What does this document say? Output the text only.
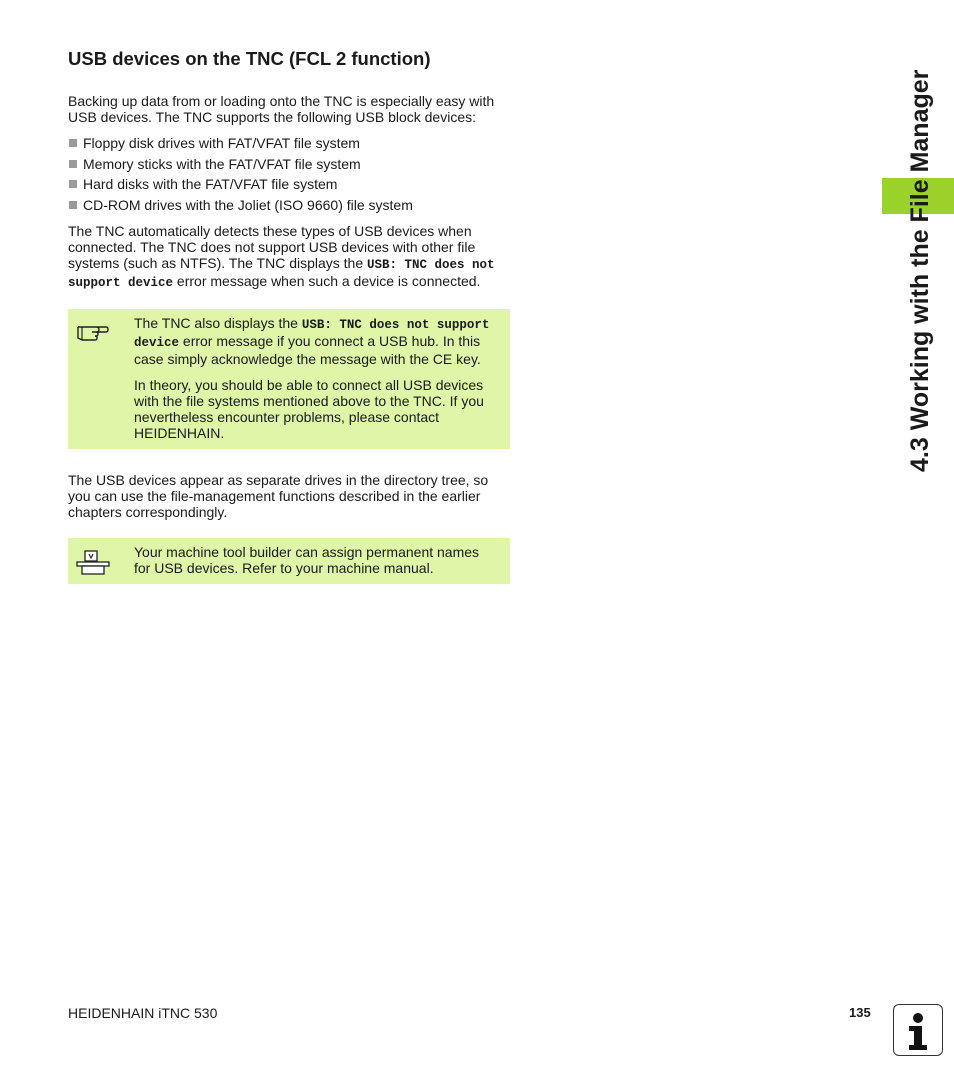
4.3 Working with the File Manager
USB devices on the TNC (FCL 2 function)

Backing up data from or loading onto the TNC is especially easy with USB devices. The TNC supports the following USB block devices:

Floppy disk drives with FAT/VFAT file system
Memory sticks with the FAT/VFAT file system
Hard disks with the FAT/VFAT file system
CD-ROM drives with the Joliet (ISO 9660) file system

The TNC automatically detects these types of USB devices when connected. The TNC does not support USB devices with other file systems (such as NTFS). The TNC displays the USB: TNC does not support device error message when such a device is connected.

The TNC also displays the USB: TNC does not support device error message if you connect a USB hub. In this case simply acknowledge the message with the CE key.

In theory, you should be able to connect all USB devices with the file systems mentioned above to the TNC. If you nevertheless encounter problems, please contact HEIDENHAIN.

The USB devices appear as separate drives in the directory tree, so you can use the file-management functions described in the earlier chapters correspondingly.

Your machine tool builder can assign permanent names for USB devices. Refer to your machine manual.

HEIDENHAIN iTNC 530	135
